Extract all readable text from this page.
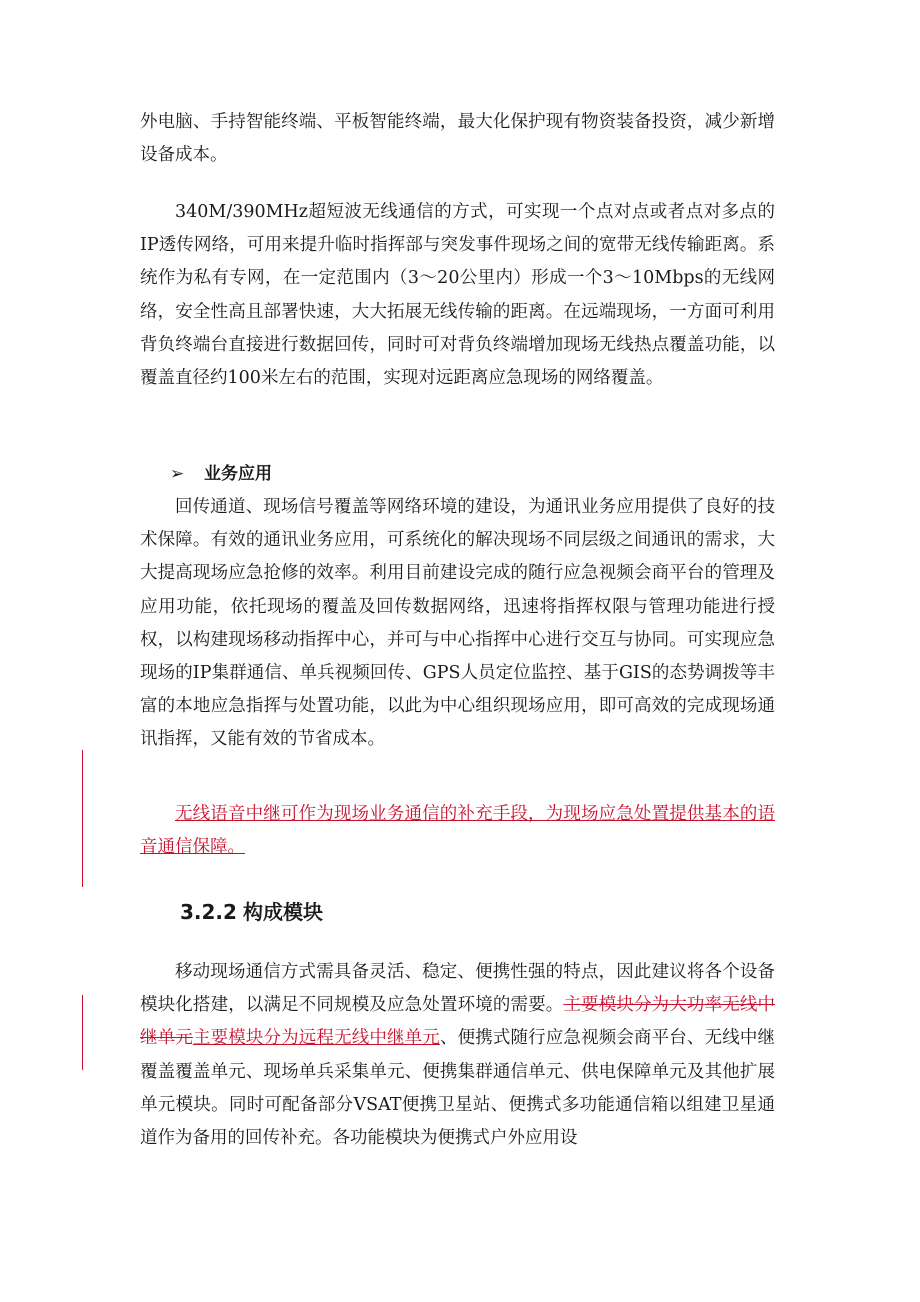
外电脑、手持智能终端、平板智能终端，最大化保护现有物资装备投资，减少新增设备成本。

340M/390MHz超短波无线通信的方式，可实现一个点对点或者点对多点的IP透传网络，可用来提升临时指挥部与突发事件现场之间的宽带无线传输距离。系统作为私有专网，在一定范围内（3～20公里内）形成一个3～10Mbps的无线网络，安全性高且部署快速，大大拓展无线传输的距离。在远端现场，一方面可利用背负终端台直接进行数据回传，同时可对背负终端增加现场无线热点覆盖功能，以覆盖直径约100米左右的范围，实现对远距离应急现场的网络覆盖。

➢ 业务应用

回传通道、现场信号覆盖等网络环境的建设，为通讯业务应用提供了良好的技术保障。有效的通讯业务应用，可系统化的解决现场不同层级之间通讯的需求，大大提高现场应急抢修的效率。利用目前建设完成的随行应急视频会商平台的管理及应用功能，依托现场的覆盖及回传数据网络，迅速将指挥权限与管理功能进行授权，以构建现场移动指挥中心，并可与中心指挥中心进行交互与协同。可实现应急现场的IP集群通信、单兵视频回传、GPS人员定位监控、基于GIS的态势调拨等丰富的本地应急指挥与处置功能，以此为中心组织现场应用，即可高效的完成现场通讯指挥，又能有效的节省成本。

无线语音中继可作为现场业务通信的补充手段，为现场应急处置提供基本的语音通信保障。

3.2.2 构成模块

移动现场通信方式需具备灵活、稳定、便携性强的特点，因此建议将各个设备模块化搭建，以满足不同规模及应急处置环境的需要。主要模块分为大功率无线中继单元主要模块分为远程无线中继单元、便携式随行应急视频会商平台、无线中继覆盖覆盖单元、现场单兵采集单元、便携集群通信单元、供电保障单元及其他扩展单元模块。同时可配备部分VSAT便携卫星站、便携式多功能通信箱以组建卫星通道作为备用的回传补充。各功能模块为便携式户外应用设
